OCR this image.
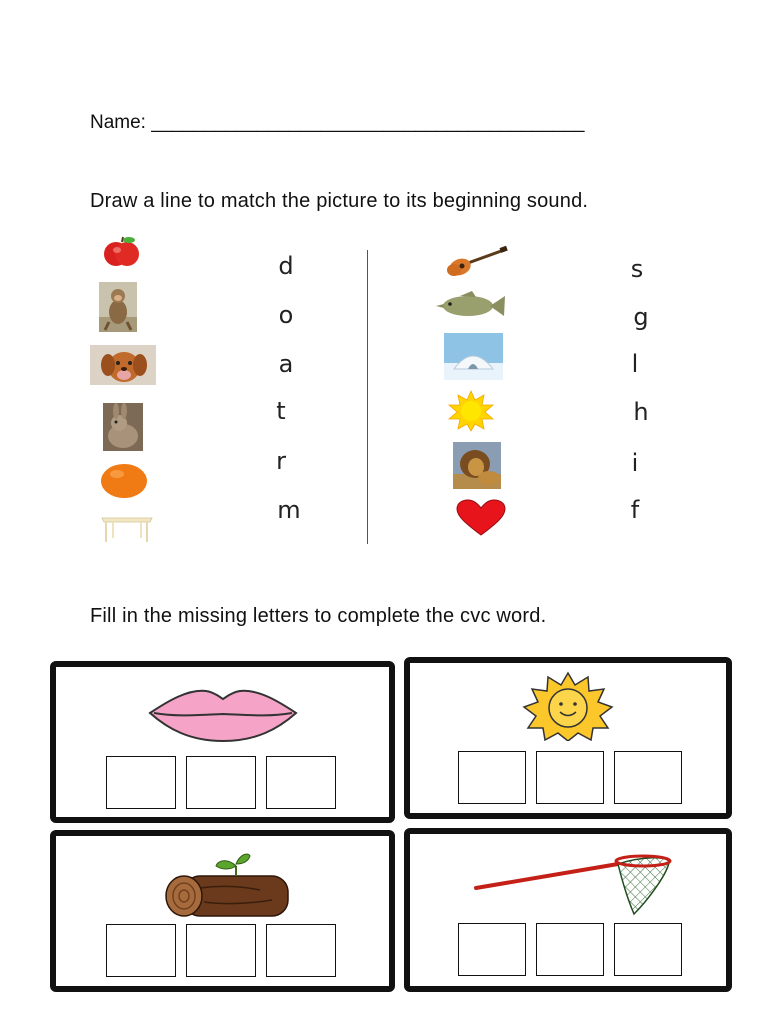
Name: _________________________________________
Draw a line to match the picture to its beginning sound.
d
o
a
t
r
m
s
g
l
h
i
f
Fill in the missing letters to complete the cvc word.
